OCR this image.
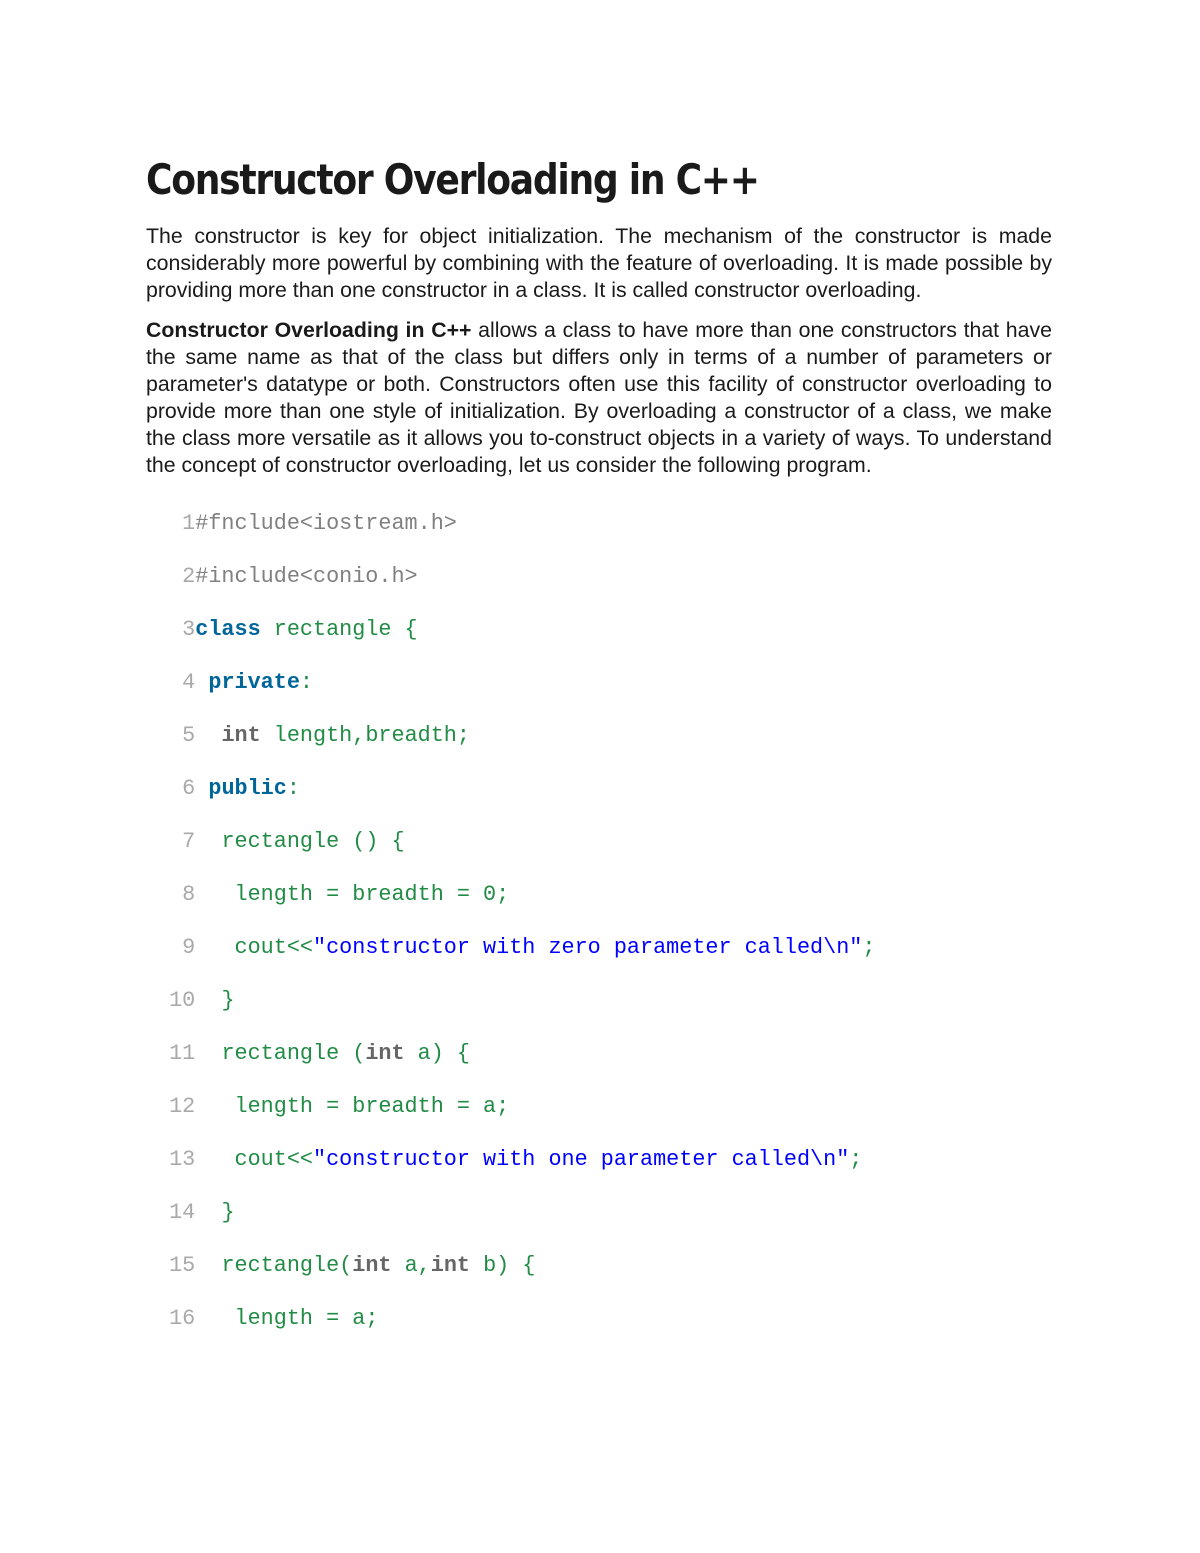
Constructor Overloading in C++

The constructor is key for object initialization. The mechanism of the constructor is made considerably more powerful by combining with the feature of overloading. It is made possible by providing more than one constructor in a class. It is called constructor overloading.

Constructor Overloading in C++ allows a class to have more than one constructors that have the same name as that of the class but differs only in terms of a number of parameters or parameter's datatype or both. Constructors often use this facility of constructor overloading to provide more than one style of initialization. By overloading a constructor of a class, we make the class more versatile as it allows you to-construct objects in a variety of ways. To understand the concept of constructor overloading, let us consider the following program.

1#fnclude<iostream.h>
2#include<conio.h>
3class rectangle {
4 private:
5 int length,breadth;
6 public:
7 rectangle () {
8 length = breadth = 0;
9 cout<<"constructor with zero parameter called\n";
10 }
11 rectangle (int a) {
12 length = breadth = a;
13 cout<<"constructor with one parameter called\n";
14 }
15 rectangle(int a,int b) {
16 length = a;
